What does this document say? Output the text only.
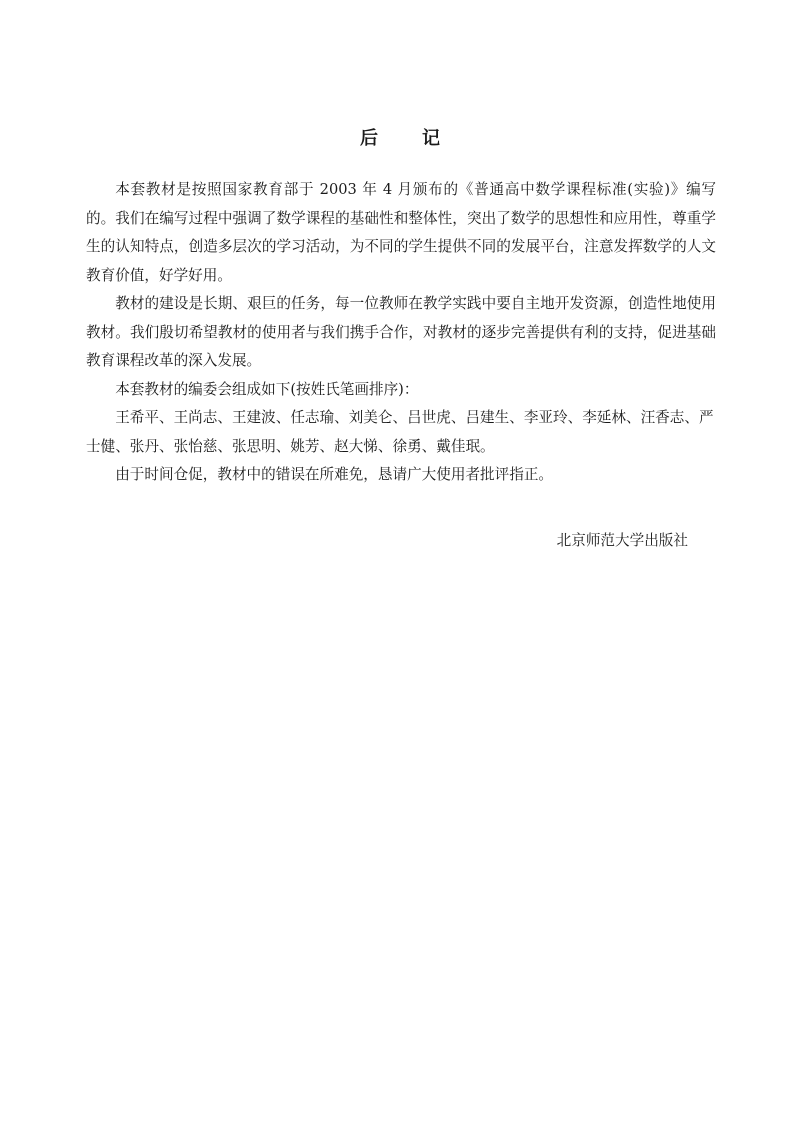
后记

本套教材是按照国家教育部于 2003 年 4 月颁布的《普通高中数学课程标准(实验)》编写的。我们在编写过程中强调了数学课程的基础性和整体性，突出了数学的思想性和应用性，尊重学生的认知特点，创造多层次的学习活动，为不同的学生提供不同的发展平台，注意发挥数学的人文教育价值，好学好用。

教材的建设是长期、艰巨的任务，每一位教师在教学实践中要自主地开发资源，创造性地使用教材。我们殷切希望教材的使用者与我们携手合作，对教材的逐步完善提供有利的支持，促进基础教育课程改革的深入发展。

本套教材的编委会组成如下(按姓氏笔画排序)：

王希平、王尚志、王建波、任志瑜、刘美仑、吕世虎、吕建生、李亚玲、李延林、汪香志、严士健、张丹、张怡慈、张思明、姚芳、赵大悌、徐勇、戴佳珉。

由于时间仓促，教材中的错误在所难免，恳请广大使用者批评指正。

北京师范大学出版社
